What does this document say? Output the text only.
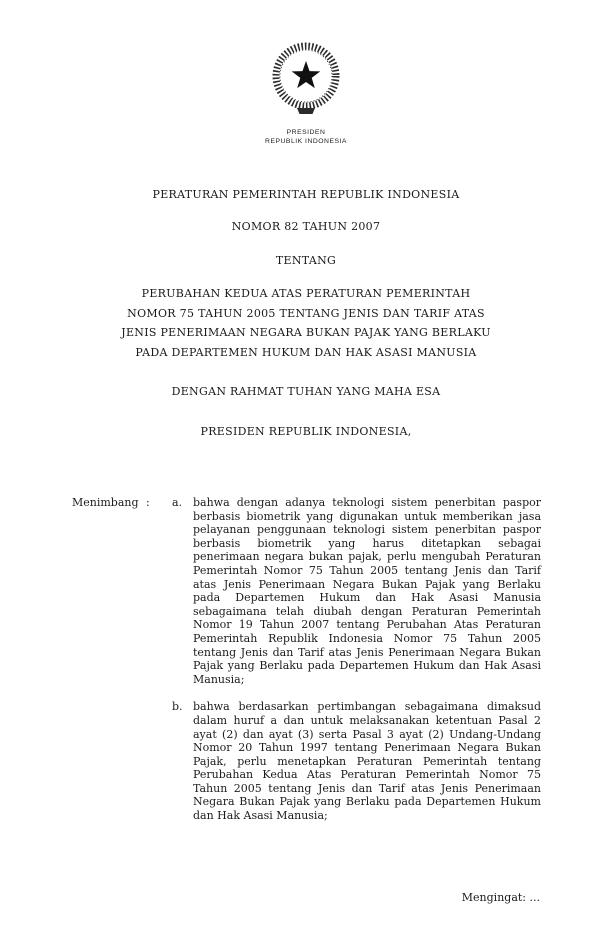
PRESIDEN
REPUBLIK INDONESIA
PERATURAN PEMERINTAH REPUBLIK INDONESIA
NOMOR 82 TAHUN 2007
TENTANG
PERUBAHAN KEDUA ATAS PERATURAN PEMERINTAH
NOMOR 75 TAHUN 2005 TENTANG JENIS DAN TARIF ATAS
JENIS PENERIMAAN NEGARA BUKAN PAJAK YANG BERLAKU
PADA DEPARTEMEN HUKUM DAN HAK ASASI MANUSIA
DENGAN RAHMAT TUHAN YANG MAHA ESA
PRESIDEN REPUBLIK INDONESIA,
Menimbang :	a. bahwa dengan adanya teknologi sistem penerbitan paspor berbasis biometrik yang digunakan untuk memberikan jasa pelayanan penggunaan teknologi sistem penerbitan paspor berbasis biometrik yang harus ditetapkan sebagai penerimaan negara bukan pajak, perlu mengubah Peraturan Pemerintah Nomor 75 Tahun 2005 tentang Jenis dan Tarif atas Jenis Penerimaan Negara Bukan Pajak yang Berlaku pada Departemen Hukum dan Hak Asasi Manusia sebagaimana telah diubah dengan Peraturan Pemerintah Nomor 19 Tahun 2007 tentang Perubahan Atas Peraturan Pemerintah Republik Indonesia Nomor 75 Tahun 2005 tentang Jenis dan Tarif atas Jenis Penerimaan Negara Bukan Pajak yang Berlaku pada Departemen Hukum dan Hak Asasi Manusia;
b. bahwa berdasarkan pertimbangan sebagaimana dimaksud dalam huruf a dan untuk melaksanakan ketentuan Pasal 2 ayat (2) dan ayat (3) serta Pasal 3 ayat (2) Undang-Undang Nomor 20 Tahun 1997 tentang Penerimaan Negara Bukan Pajak, perlu menetapkan Peraturan Pemerintah tentang Perubahan Kedua Atas Peraturan Pemerintah Nomor 75 Tahun 2005 tentang Jenis dan Tarif atas Jenis Penerimaan Negara Bukan Pajak yang Berlaku pada Departemen Hukum dan Hak Asasi Manusia;
Mengingat: ...
